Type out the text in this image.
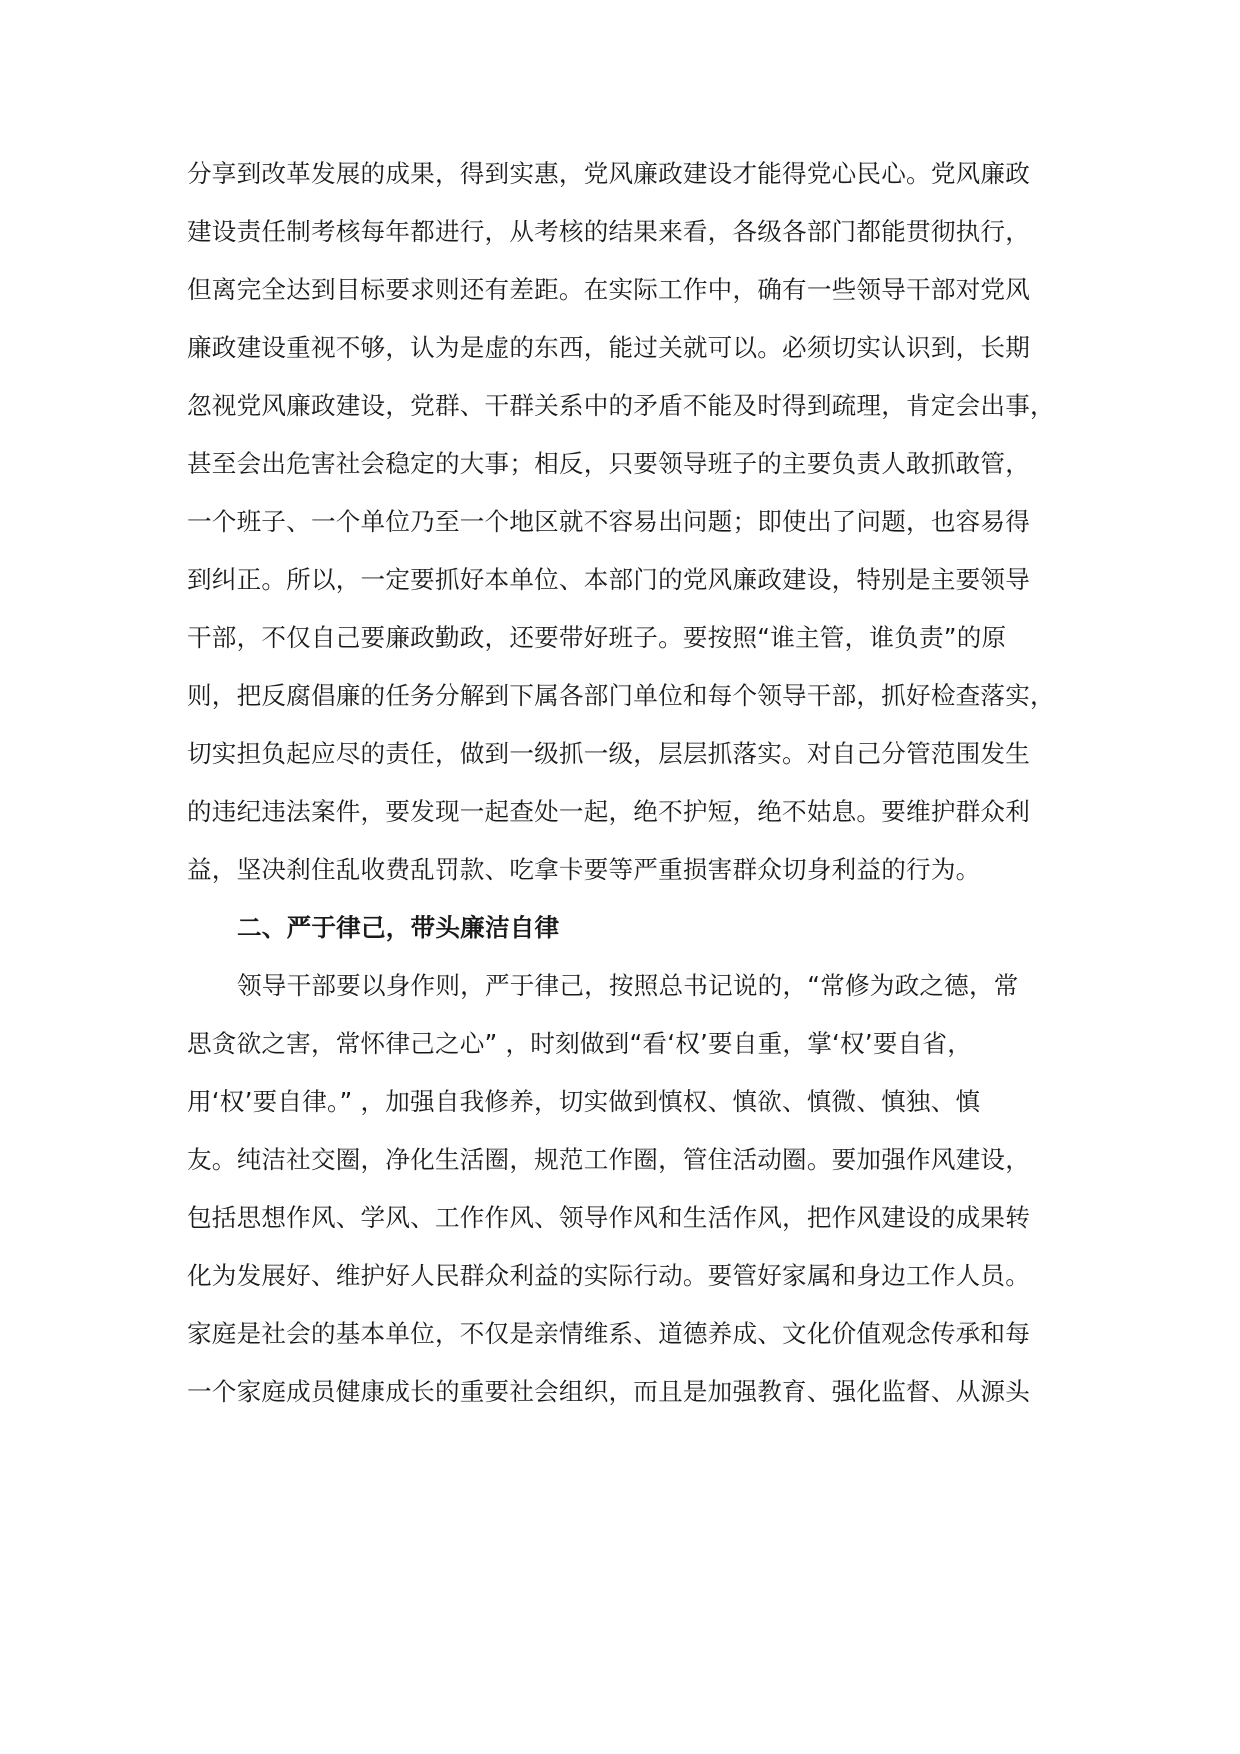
分享到改革发展的成果，得到实惠，党风廉政建设才能得党心民心。党风廉政
建设责任制考核每年都进行，从考核的结果来看，各级各部门都能贯彻执行，
但离完全达到目标要求则还有差距。在实际工作中，确有一些领导干部对党风
廉政建设重视不够，认为是虚的东西，能过关就可以。必须切实认识到，长期
忽视党风廉政建设，党群、干群关系中的矛盾不能及时得到疏理，肯定会出事，
甚至会出危害社会稳定的大事；相反，只要领导班子的主要负责人敢抓敢管，
一个班子、一个单位乃至一个地区就不容易出问题；即使出了问题，也容易得
到纠正。所以，一定要抓好本单位、本部门的党风廉政建设，特别是主要领导
干部，不仅自己要廉政勤政，还要带好班子。要按照“谁主管，谁负责”的原
则，把反腐倡廉的任务分解到下属各部门单位和每个领导干部，抓好检查落实，
切实担负起应尽的责任，做到一级抓一级，层层抓落实。对自己分管范围发生
的违纪违法案件，要发现一起查处一起，绝不护短，绝不姑息。要维护群众利
益，坚决刹住乱收费乱罚款、吃拿卡要等严重损害群众切身利益的行为。
二、严于律己，带头廉洁自律
领导干部要以身作则，严于律己，按照总书记说的，“常修为政之德，常
思贪欲之害，常怀律己之心” ，时刻做到“看‘权’要自重，掌‘权’要自省，
用‘权’要自律。” ，加强自我修养，切实做到慎权、慎欲、慎微、慎独、慎
友。纯洁社交圈，净化生活圈，规范工作圈，管住活动圈。要加强作风建设，
包括思想作风、学风、工作作风、领导作风和生活作风，把作风建设的成果转
化为发展好、维护好人民群众利益的实际行动。要管好家属和身边工作人员。
家庭是社会的基本单位，不仅是亲情维系、道德养成、文化价值观念传承和每
一个家庭成员健康成长的重要社会组织，而且是加强教育、强化监督、从源头
